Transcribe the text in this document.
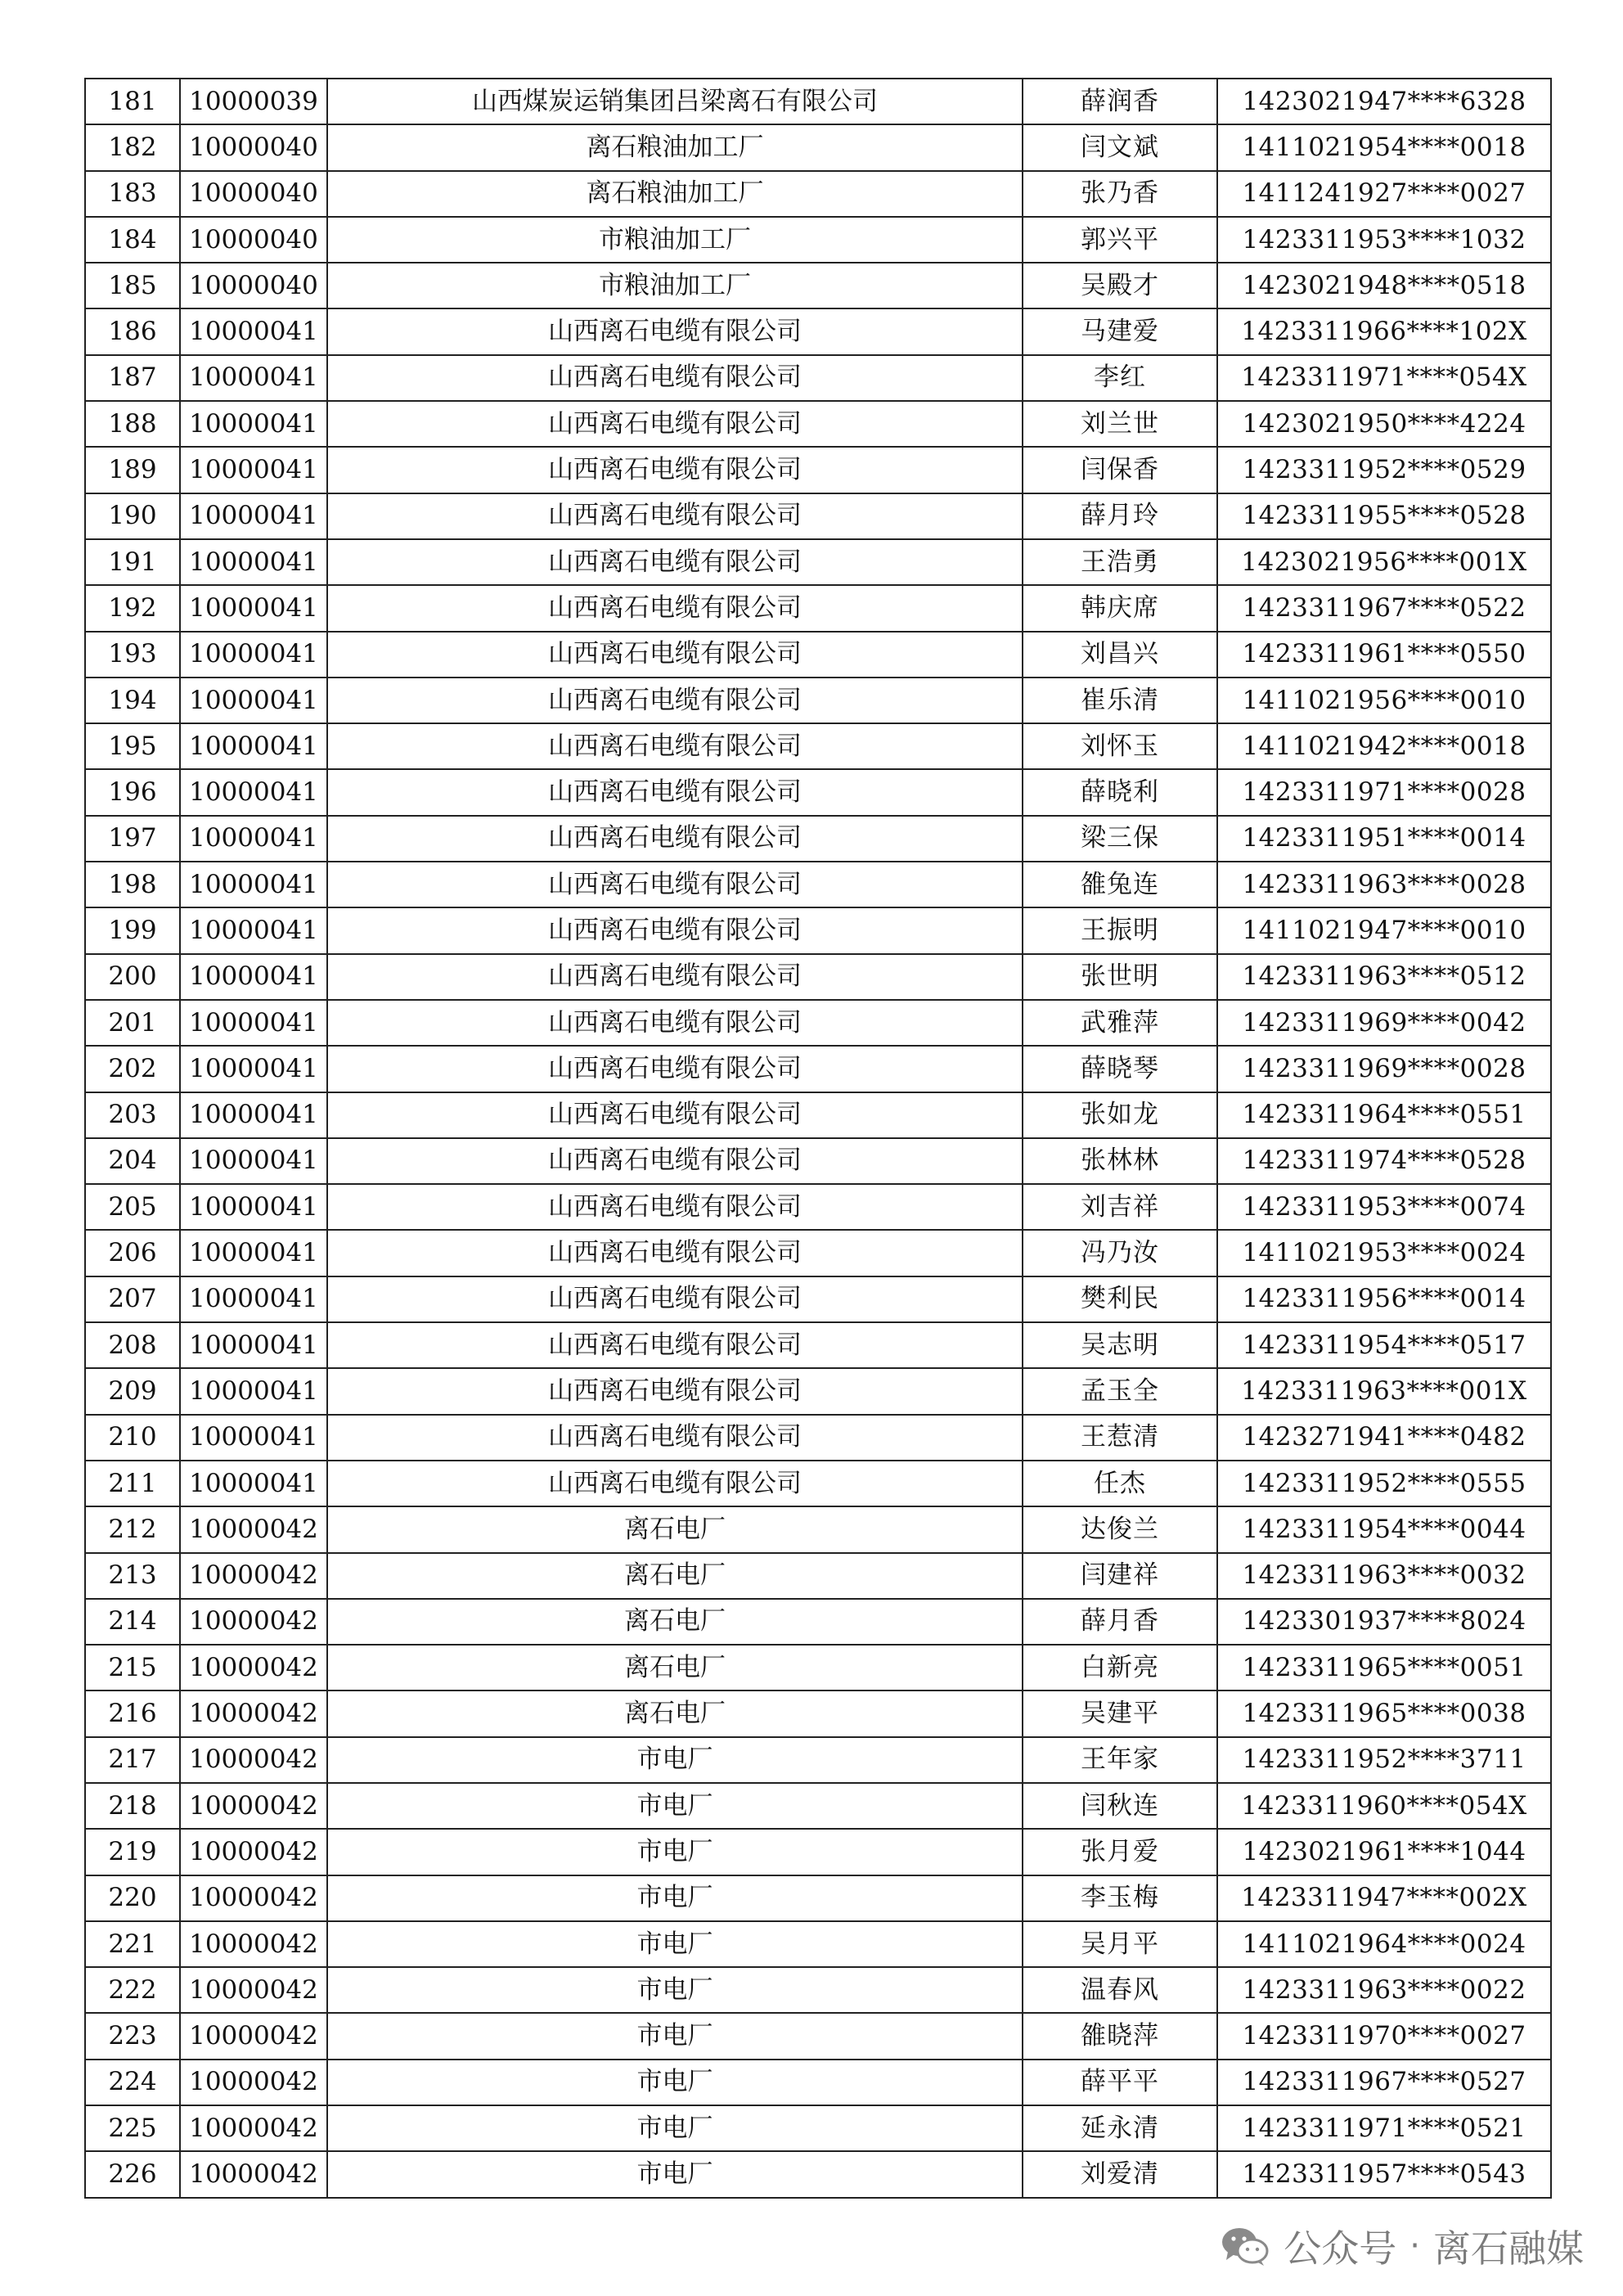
181	10000039	山西煤炭运销集团吕梁离石有限公司	薛润香	1423021947****6328
182	10000040	离石粮油加工厂	闫文斌	1411021954****0018
183	10000040	离石粮油加工厂	张乃香	1411241927****0027
184	10000040	市粮油加工厂	郭兴平	1423311953****1032
185	10000040	市粮油加工厂	吴殿才	1423021948****0518
186	10000041	山西离石电缆有限公司	马建爱	1423311966****102X
187	10000041	山西离石电缆有限公司	李红	1423311971****054X
188	10000041	山西离石电缆有限公司	刘兰世	1423021950****4224
189	10000041	山西离石电缆有限公司	闫保香	1423311952****0529
190	10000041	山西离石电缆有限公司	薛月玲	1423311955****0528
191	10000041	山西离石电缆有限公司	王浩勇	1423021956****001X
192	10000041	山西离石电缆有限公司	韩庆席	1423311967****0522
193	10000041	山西离石电缆有限公司	刘昌兴	1423311961****0550
194	10000041	山西离石电缆有限公司	崔乐清	1411021956****0010
195	10000041	山西离石电缆有限公司	刘怀玉	1411021942****0018
196	10000041	山西离石电缆有限公司	薛晓利	1423311971****0028
197	10000041	山西离石电缆有限公司	梁三保	1423311951****0014
198	10000041	山西离石电缆有限公司	雒兔连	1423311963****0028
199	10000041	山西离石电缆有限公司	王振明	1411021947****0010
200	10000041	山西离石电缆有限公司	张世明	1423311963****0512
201	10000041	山西离石电缆有限公司	武雅萍	1423311969****0042
202	10000041	山西离石电缆有限公司	薛晓琴	1423311969****0028
203	10000041	山西离石电缆有限公司	张如龙	1423311964****0551
204	10000041	山西离石电缆有限公司	张林林	1423311974****0528
205	10000041	山西离石电缆有限公司	刘吉祥	1423311953****0074
206	10000041	山西离石电缆有限公司	冯乃汝	1411021953****0024
207	10000041	山西离石电缆有限公司	樊利民	1423311956****0014
208	10000041	山西离石电缆有限公司	吴志明	1423311954****0517
209	10000041	山西离石电缆有限公司	孟玉全	1423311963****001X
210	10000041	山西离石电缆有限公司	王惹清	1423271941****0482
211	10000041	山西离石电缆有限公司	任杰	1423311952****0555
212	10000042	离石电厂	达俊兰	1423311954****0044
213	10000042	离石电厂	闫建祥	1423311963****0032
214	10000042	离石电厂	薛月香	1423301937****8024
215	10000042	离石电厂	白新亮	1423311965****0051
216	10000042	离石电厂	吴建平	1423311965****0038
217	10000042	市电厂	王年家	1423311952****3711
218	10000042	市电厂	闫秋连	1423311960****054X
219	10000042	市电厂	张月爱	1423021961****1044
220	10000042	市电厂	李玉梅	1423311947****002X
221	10000042	市电厂	吴月平	1411021964****0024
222	10000042	市电厂	温春风	1423311963****0022
223	10000042	市电厂	雒晓萍	1423311970****0027
224	10000042	市电厂	薛平平	1423311967****0527
225	10000042	市电厂	延永清	1423311971****0521
226	10000042	市电厂	刘爱清	1423311957****0543
公众号 · 离石融媒
